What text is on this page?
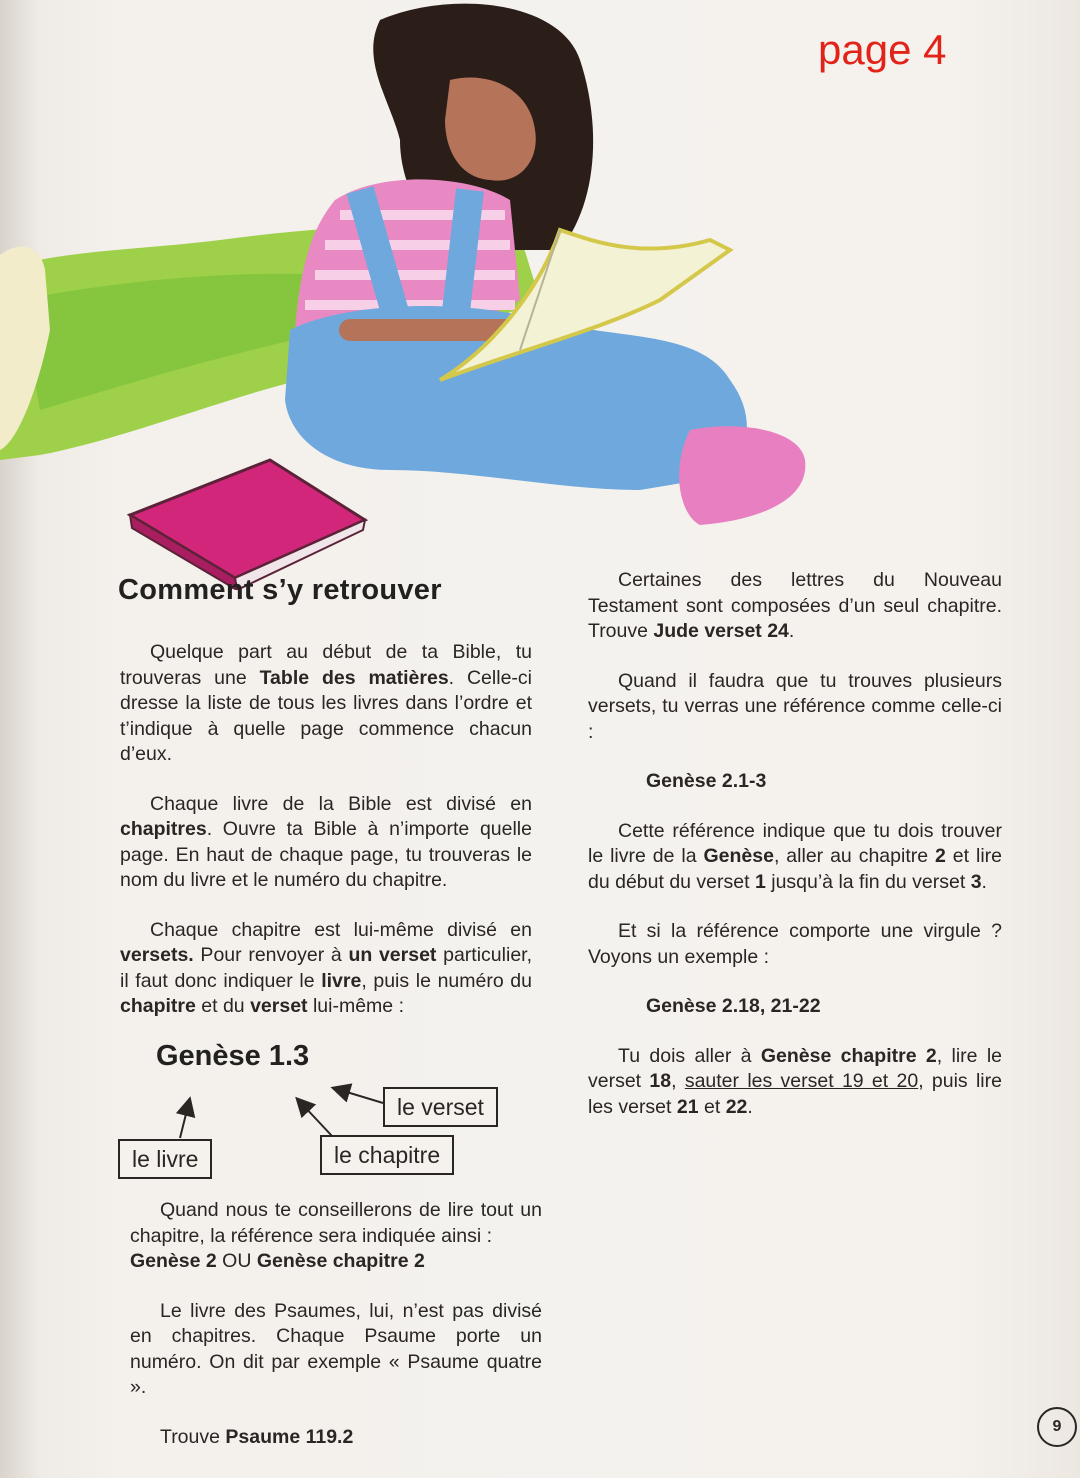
page 4
Comment s’y retrouver

Quelque part au début de ta Bible, tu trouveras une Table des matières. Celle-ci dresse la liste de tous les livres dans l’ordre et t’indique à quelle page commence chacun d’eux.

Chaque livre de la Bible est divisé en chapitres. Ouvre ta Bible à n’importe quelle page. En haut de chaque page, tu trouveras le nom du livre et le numéro du chapitre.

Chaque chapitre est lui-même divisé en versets. Pour renvoyer à un verset particulier, il faut donc indiquer le livre, puis le numéro du chapitre et du verset lui-même :

Genèse 1.3
le livre	le chapitre
le verset

Quand nous te conseillerons de lire tout un chapitre, la référence sera indiquée ainsi :

Genèse 2 OU Genèse chapitre 2

Le livre des Psaumes, lui, n’est pas divisé en chapitres. Chaque Psaume porte un numéro. On dit par exemple « Psaume quatre ».

Trouve Psaume 119.2

Certaines des lettres du Nouveau Testament sont composées d’un seul chapitre. Trouve Jude verset 24.

Quand il faudra que tu trouves plusieurs versets, tu verras une référence comme celle-ci :

Genèse 2.1-3

Cette référence indique que tu dois trouver le livre de la Genèse, aller au chapitre 2 et lire du début du verset 1 jusqu’à la fin du verset 3.

Et si la référence comporte une virgule ? Voyons un exemple :

Genèse 2.18, 21-22

Tu dois aller à Genèse chapitre 2, lire le verset 18, sauter les verset 19 et 20, puis lire les verset 21 et 22.

9
